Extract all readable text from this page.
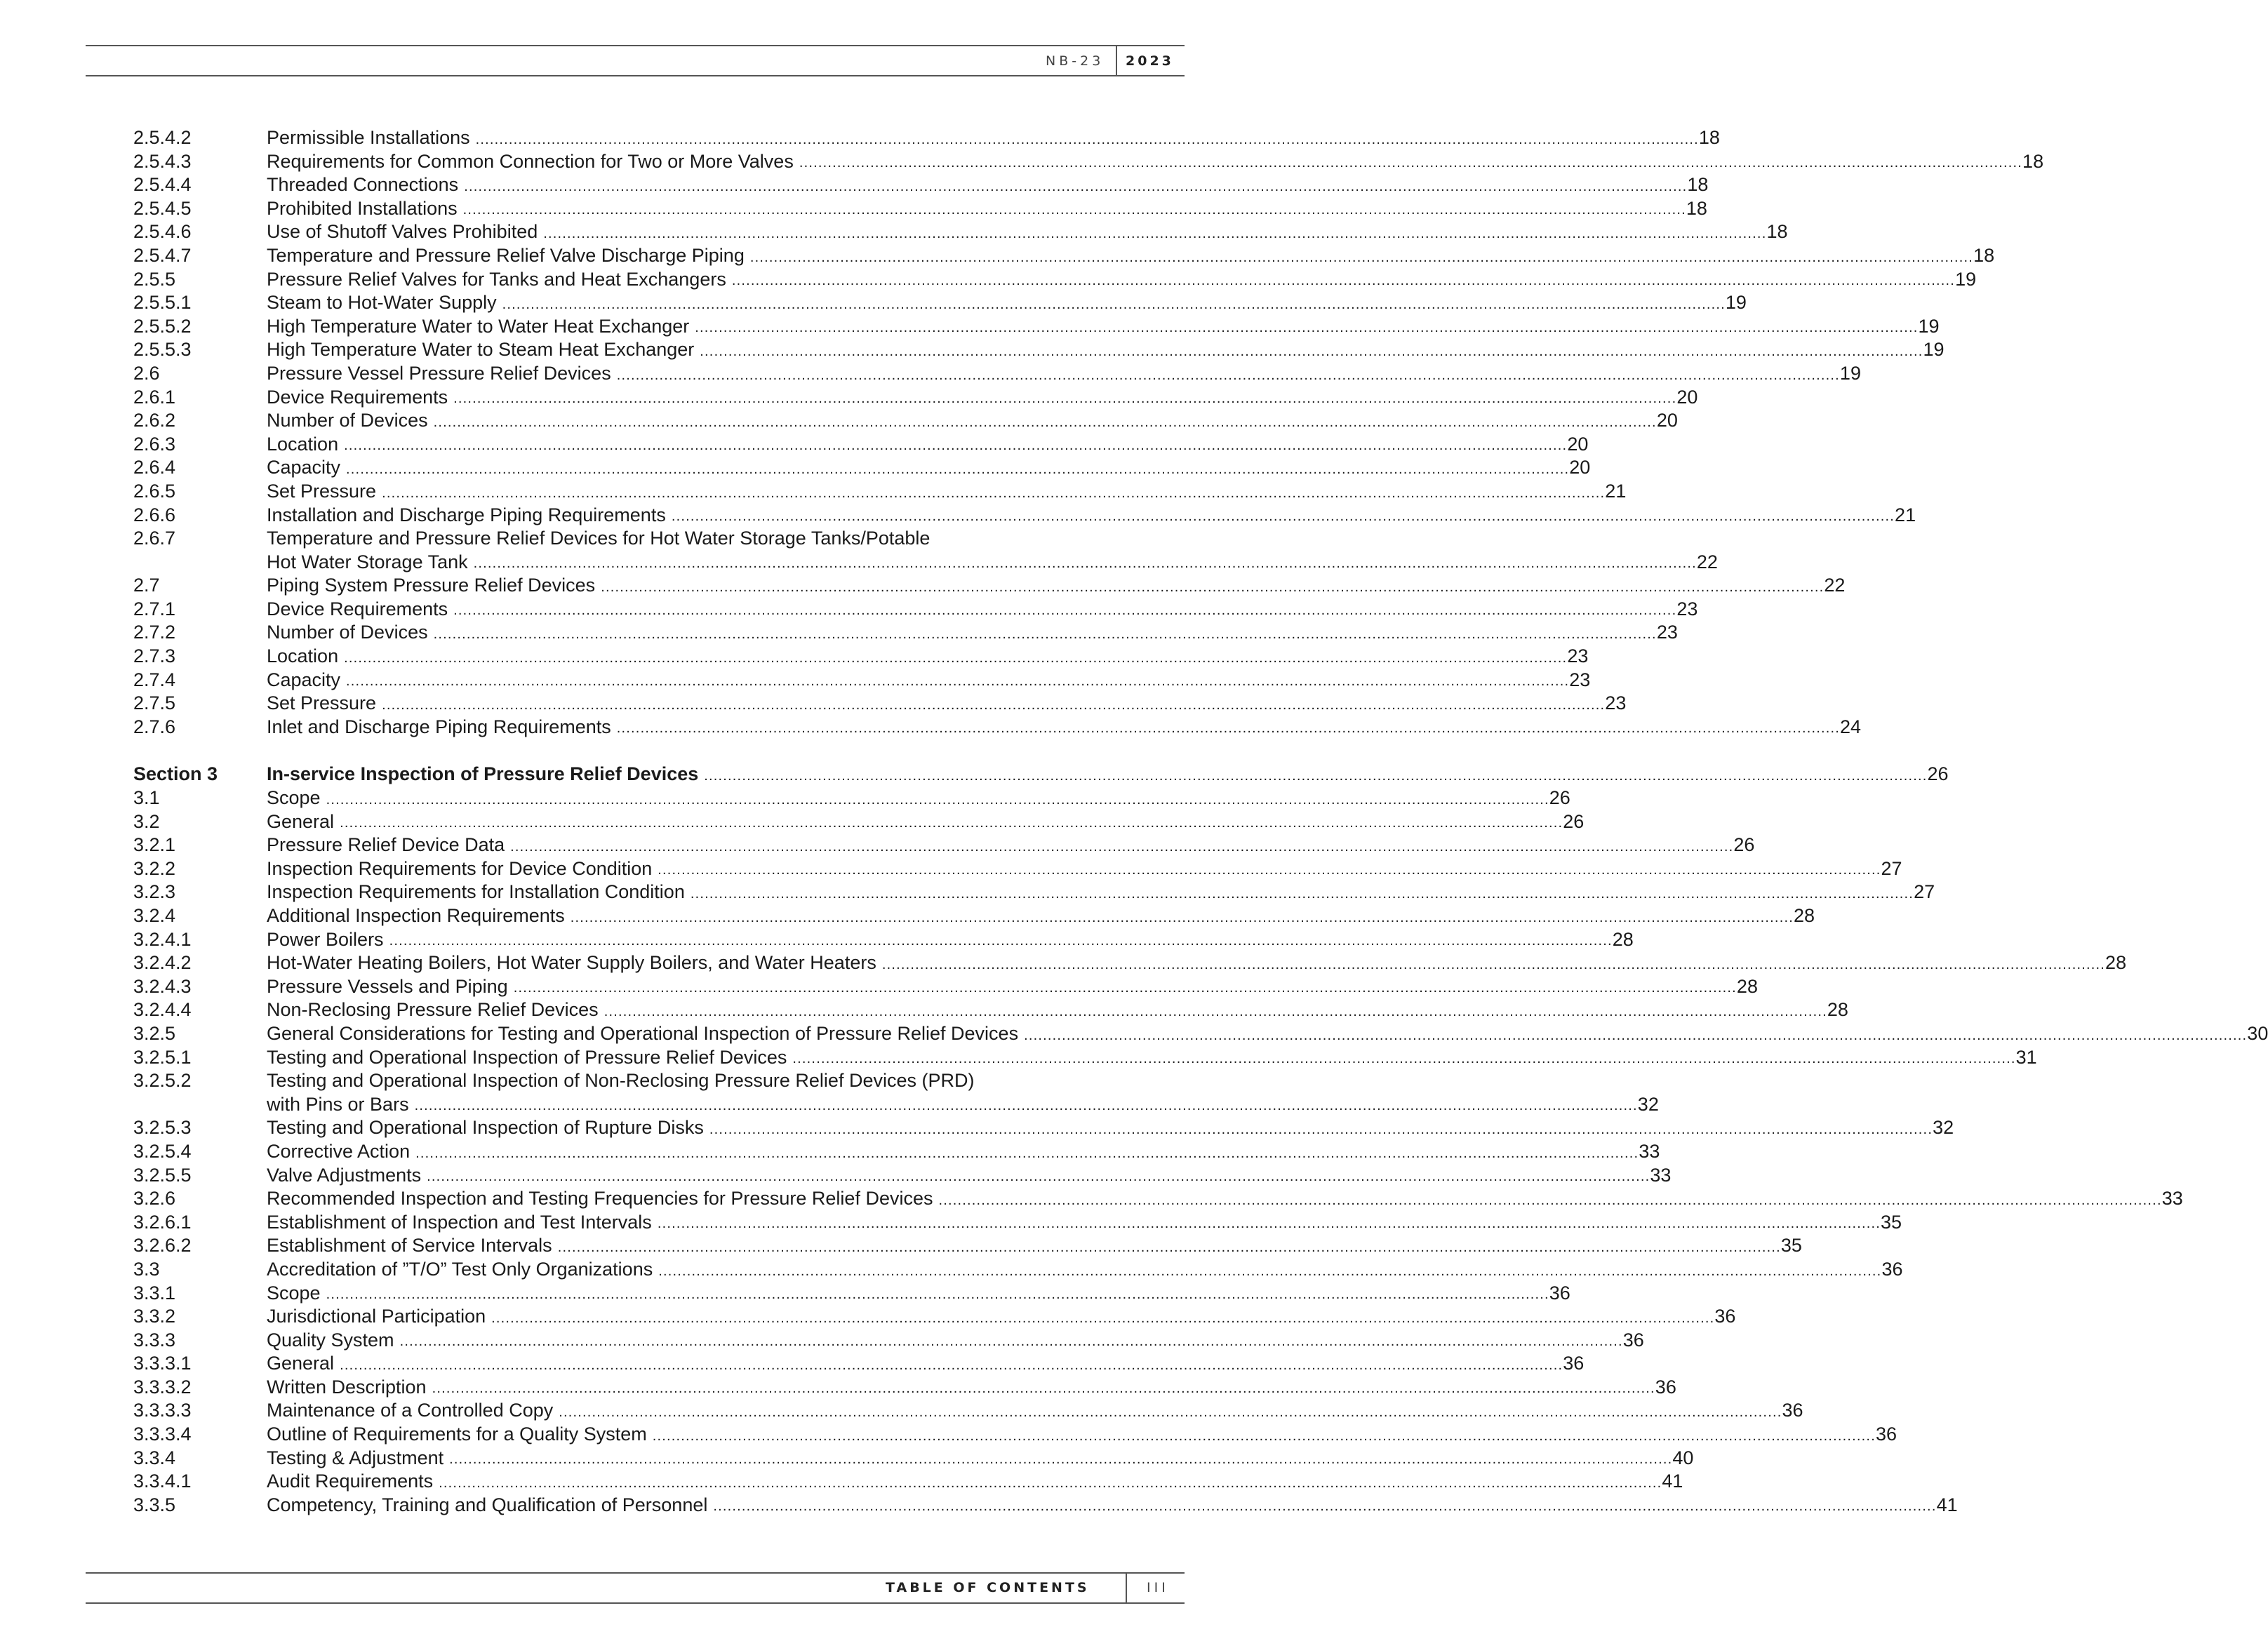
NB-23 2023
2.5.4.2	Permissible Installations .................................................................................................................................................................................................................................................................. 18
2.5.4.3	Requirements for Common Connection for Two or More Valves .................................................................................................................................................................................................................................................................. 18
2.5.4.4	Threaded Connections .................................................................................................................................................................................................................................................................. 18
2.5.4.5	Prohibited Installations .................................................................................................................................................................................................................................................................. 18
2.5.4.6	Use of Shutoff Valves Prohibited .................................................................................................................................................................................................................................................................. 18
2.5.4.7	Temperature and Pressure Relief Valve Discharge Piping .................................................................................................................................................................................................................................................................. 18
2.5.5	Pressure Relief Valves for Tanks and Heat Exchangers .................................................................................................................................................................................................................................................................. 19
2.5.5.1	Steam to Hot-Water Supply .................................................................................................................................................................................................................................................................. 19
2.5.5.2	High Temperature Water to Water Heat Exchanger .................................................................................................................................................................................................................................................................. 19
2.5.5.3	High Temperature Water to Steam Heat Exchanger .................................................................................................................................................................................................................................................................. 19
2.6	Pressure Vessel Pressure Relief Devices .................................................................................................................................................................................................................................................................. 19
2.6.1	Device Requirements .................................................................................................................................................................................................................................................................. 20
2.6.2	Number of Devices .................................................................................................................................................................................................................................................................. 20
2.6.3	Location .................................................................................................................................................................................................................................................................. 20
2.6.4	Capacity .................................................................................................................................................................................................................................................................. 20
2.6.5	Set Pressure .................................................................................................................................................................................................................................................................. 21
2.6.6	Installation and Discharge Piping Requirements .................................................................................................................................................................................................................................................................. 21
2.6.7	Temperature and Pressure Relief Devices for Hot Water Storage Tanks/Potable
Hot Water Storage Tank .................................................................................................................................................................................................................................................................. 22
2.7	Piping System Pressure Relief Devices .................................................................................................................................................................................................................................................................. 22
2.7.1	Device Requirements .................................................................................................................................................................................................................................................................. 23
2.7.2	Number of Devices .................................................................................................................................................................................................................................................................. 23
2.7.3	Location .................................................................................................................................................................................................................................................................. 23
2.7.4	Capacity .................................................................................................................................................................................................................................................................. 23
2.7.5	Set Pressure .................................................................................................................................................................................................................................................................. 23
2.7.6	Inlet and Discharge Piping Requirements .................................................................................................................................................................................................................................................................. 24
Section 3	In-service Inspection of Pressure Relief Devices .................................................................................................................................................................................................................................................................. 26
3.1	Scope .................................................................................................................................................................................................................................................................. 26
3.2	General .................................................................................................................................................................................................................................................................. 26
3.2.1	Pressure Relief Device Data .................................................................................................................................................................................................................................................................. 26
3.2.2	Inspection Requirements for Device Condition .................................................................................................................................................................................................................................................................. 27
3.2.3	Inspection Requirements for Installation Condition .................................................................................................................................................................................................................................................................. 27
3.2.4	Additional Inspection Requirements .................................................................................................................................................................................................................................................................. 28
3.2.4.1	Power Boilers .................................................................................................................................................................................................................................................................. 28
3.2.4.2	Hot-Water Heating Boilers, Hot Water Supply Boilers, and Water Heaters .................................................................................................................................................................................................................................................................. 28
3.2.4.3	Pressure Vessels and Piping .................................................................................................................................................................................................................................................................. 28
3.2.4.4	Non-Reclosing Pressure Relief Devices .................................................................................................................................................................................................................................................................. 28
3.2.5	General Considerations for Testing and Operational Inspection of Pressure Relief Devices .................................................................................................................................................................................................................................................................. 30
3.2.5.1	Testing and Operational Inspection of Pressure Relief Devices .................................................................................................................................................................................................................................................................. 31
3.2.5.2	Testing and Operational Inspection of Non-Reclosing Pressure Relief Devices (PRD)
with Pins or Bars .................................................................................................................................................................................................................................................................. 32
3.2.5.3	Testing and Operational Inspection of Rupture Disks .................................................................................................................................................................................................................................................................. 32
3.2.5.4	Corrective Action .................................................................................................................................................................................................................................................................. 33
3.2.5.5	Valve Adjustments .................................................................................................................................................................................................................................................................. 33
3.2.6	Recommended Inspection and Testing Frequencies for Pressure Relief Devices .................................................................................................................................................................................................................................................................. 33
3.2.6.1	Establishment of Inspection and Test Intervals .................................................................................................................................................................................................................................................................. 35
3.2.6.2	Establishment of Service Intervals .................................................................................................................................................................................................................................................................. 35
3.3	Accreditation of ”T/O” Test Only Organizations .................................................................................................................................................................................................................................................................. 36
3.3.1	Scope .................................................................................................................................................................................................................................................................. 36
3.3.2	Jurisdictional Participation .................................................................................................................................................................................................................................................................. 36
3.3.3	Quality System .................................................................................................................................................................................................................................................................. 36
3.3.3.1	General .................................................................................................................................................................................................................................................................. 36
3.3.3.2	Written Description .................................................................................................................................................................................................................................................................. 36
3.3.3.3	Maintenance of a Controlled Copy .................................................................................................................................................................................................................................................................. 36
3.3.3.4	Outline of Requirements for a Quality System .................................................................................................................................................................................................................................................................. 36
3.3.4	Testing & Adjustment .................................................................................................................................................................................................................................................................. 40
3.3.4.1	Audit Requirements .................................................................................................................................................................................................................................................................. 41
3.3.5	Competency, Training and Qualification of Personnel .................................................................................................................................................................................................................................................................. 41
TABLE OF CONTENTS	III
